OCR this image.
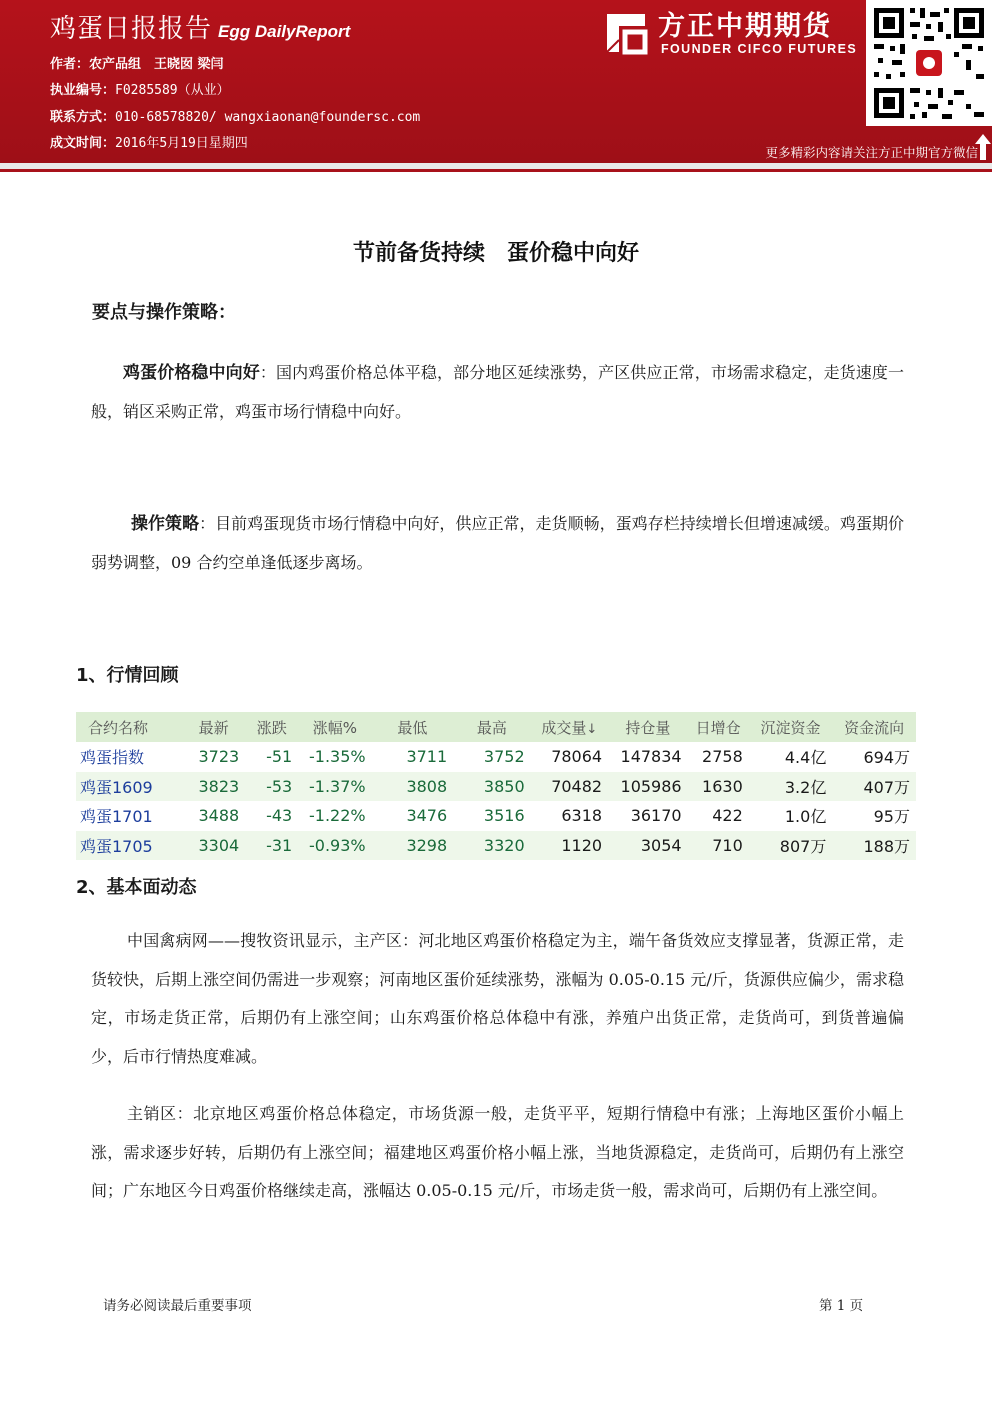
鸡蛋日报报告 Egg DailyReport
作者：农产品组　王晓囡 梁闫
执业编号：F0285589（从业）
联系方式：010-68578820/ wangxiaonan@foundersc.com
成文时间：2016年5月19日星期四
方正中期期货
FOUNDER CIFCO FUTURES
更多精彩内容请关注方正中期官方微信
节前备货持续　蛋价稳中向好
要点与操作策略：
鸡蛋价格稳中向好：国内鸡蛋价格总体平稳，部分地区延续涨势，产区供应正常，市场需求稳定，走货速度一般，销区采购正常，鸡蛋市场行情稳中向好。
操作策略：目前鸡蛋现货市场行情稳中向好，供应正常，走货顺畅，蛋鸡存栏持续增长但增速减缓。鸡蛋期价弱势调整，09 合约空单逢低逐步离场。
1、行情回顾
合约名称	最新	涨跌	涨幅%	最低	最高	成交量↓	持仓量	日增仓	沉淀资金	资金流向
鸡蛋指数	3723	-51	-1.35%	3711	3752	78064	147834	2758	4.4亿	694万
鸡蛋1609	3823	-53	-1.37%	3808	3850	70482	105986	1630	3.2亿	407万
鸡蛋1701	3488	-43	-1.22%	3476	3516	6318	36170	422	1.0亿	95万
鸡蛋1705	3304	-31	-0.93%	3298	3320	1120	3054	710	807万	188万
2、基本面动态
中国禽病网——搜牧资讯显示，主产区：河北地区鸡蛋价格稳定为主，端午备货效应支撑显著，货源正常，走货较快，后期上涨空间仍需进一步观察；河南地区蛋价延续涨势，涨幅为 0.05-0.15 元/斤，货源供应偏少，需求稳定，市场走货正常，后期仍有上涨空间；山东鸡蛋价格总体稳中有涨，养殖户出货正常，走货尚可，到货普遍偏少，后市行情热度难减。
主销区：北京地区鸡蛋价格总体稳定，市场货源一般，走货平平，短期行情稳中有涨；上海地区蛋价小幅上涨，需求逐步好转，后期仍有上涨空间；福建地区鸡蛋价格小幅上涨，当地货源稳定，走货尚可，后期仍有上涨空间；广东地区今日鸡蛋价格继续走高，涨幅达 0.05-0.15 元/斤，市场走货一般，需求尚可，后期仍有上涨空间。
请务必阅读最后重要事项	第 1 页
